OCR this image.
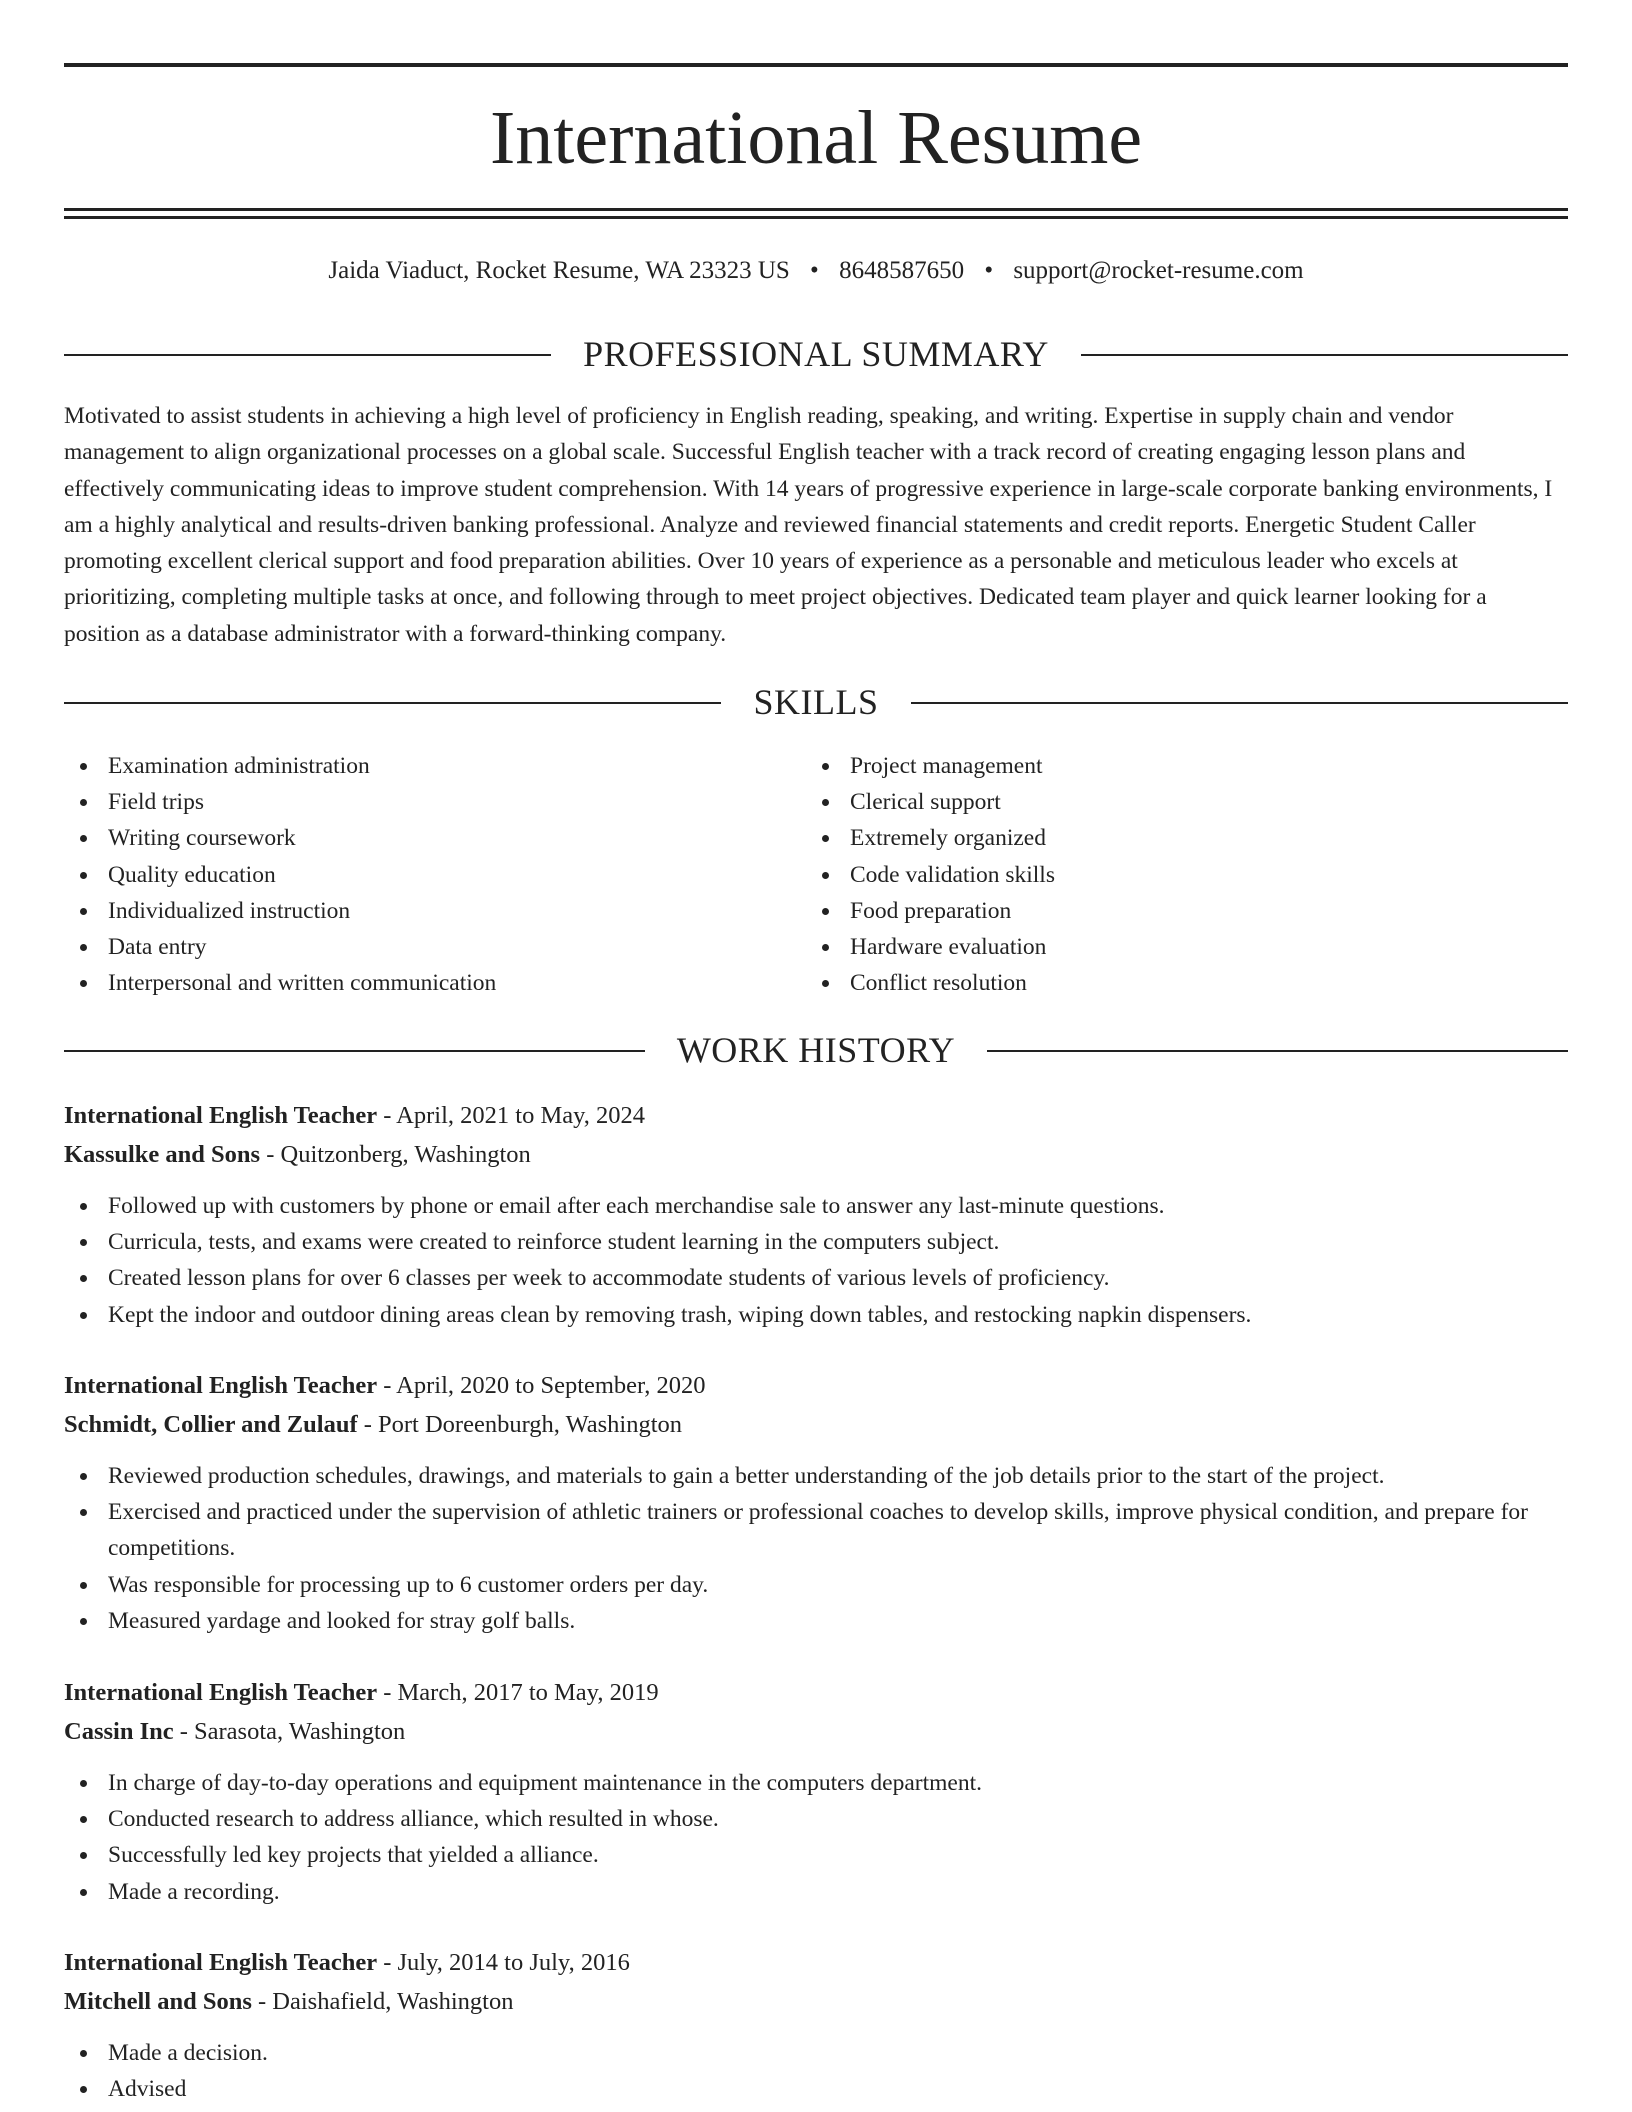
International Resume
Jaida Viaduct, Rocket Resume, WA 23323 US • 8648587650 • support@rocket-resume.com
PROFESSIONAL SUMMARY

Motivated to assist students in achieving a high level of proficiency in English reading, speaking, and writing. Expertise in supply chain and vendor management to align organizational processes on a global scale. Successful English teacher with a track record of creating engaging lesson plans and effectively communicating ideas to improve student comprehension. With 14 years of progressive experience in large-scale corporate banking environments, I am a highly analytical and results-driven banking professional. Analyze and reviewed financial statements and credit reports. Energetic Student Caller promoting excellent clerical support and food preparation abilities. Over 10 years of experience as a personable and meticulous leader who excels at prioritizing, completing multiple tasks at once, and following through to meet project objectives. Dedicated team player and quick learner looking for a position as a database administrator with a forward-thinking company.

SKILLS
Examination administration
Field trips
Writing coursework
Quality education
Individualized instruction
Data entry
Interpersonal and written communication
Project management
Clerical support
Extremely organized
Code validation skills
Food preparation
Hardware evaluation
Conflict resolution
WORK HISTORY
International English Teacher - April, 2021 to May, 2024
Kassulke and Sons - Quitzonberg, Washington
Followed up with customers by phone or email after each merchandise sale to answer any last-minute questions.
Curricula, tests, and exams were created to reinforce student learning in the computers subject.
Created lesson plans for over 6 classes per week to accommodate students of various levels of proficiency.
Kept the indoor and outdoor dining areas clean by removing trash, wiping down tables, and restocking napkin dispensers.
International English Teacher - April, 2020 to September, 2020
Schmidt, Collier and Zulauf - Port Doreenburgh, Washington
Reviewed production schedules, drawings, and materials to gain a better understanding of the job details prior to the start of the project.
Exercised and practiced under the supervision of athletic trainers or professional coaches to develop skills, improve physical condition, and prepare for competitions.
Was responsible for processing up to 6 customer orders per day.
Measured yardage and looked for stray golf balls.
International English Teacher - March, 2017 to May, 2019
Cassin Inc - Sarasota, Washington
In charge of day-to-day operations and equipment maintenance in the computers department.
Conducted research to address alliance, which resulted in whose.
Successfully led key projects that yielded a alliance.
Made a recording.
International English Teacher - July, 2014 to July, 2016
Mitchell and Sons - Daishafield, Washington
Made a decision.
Advised
